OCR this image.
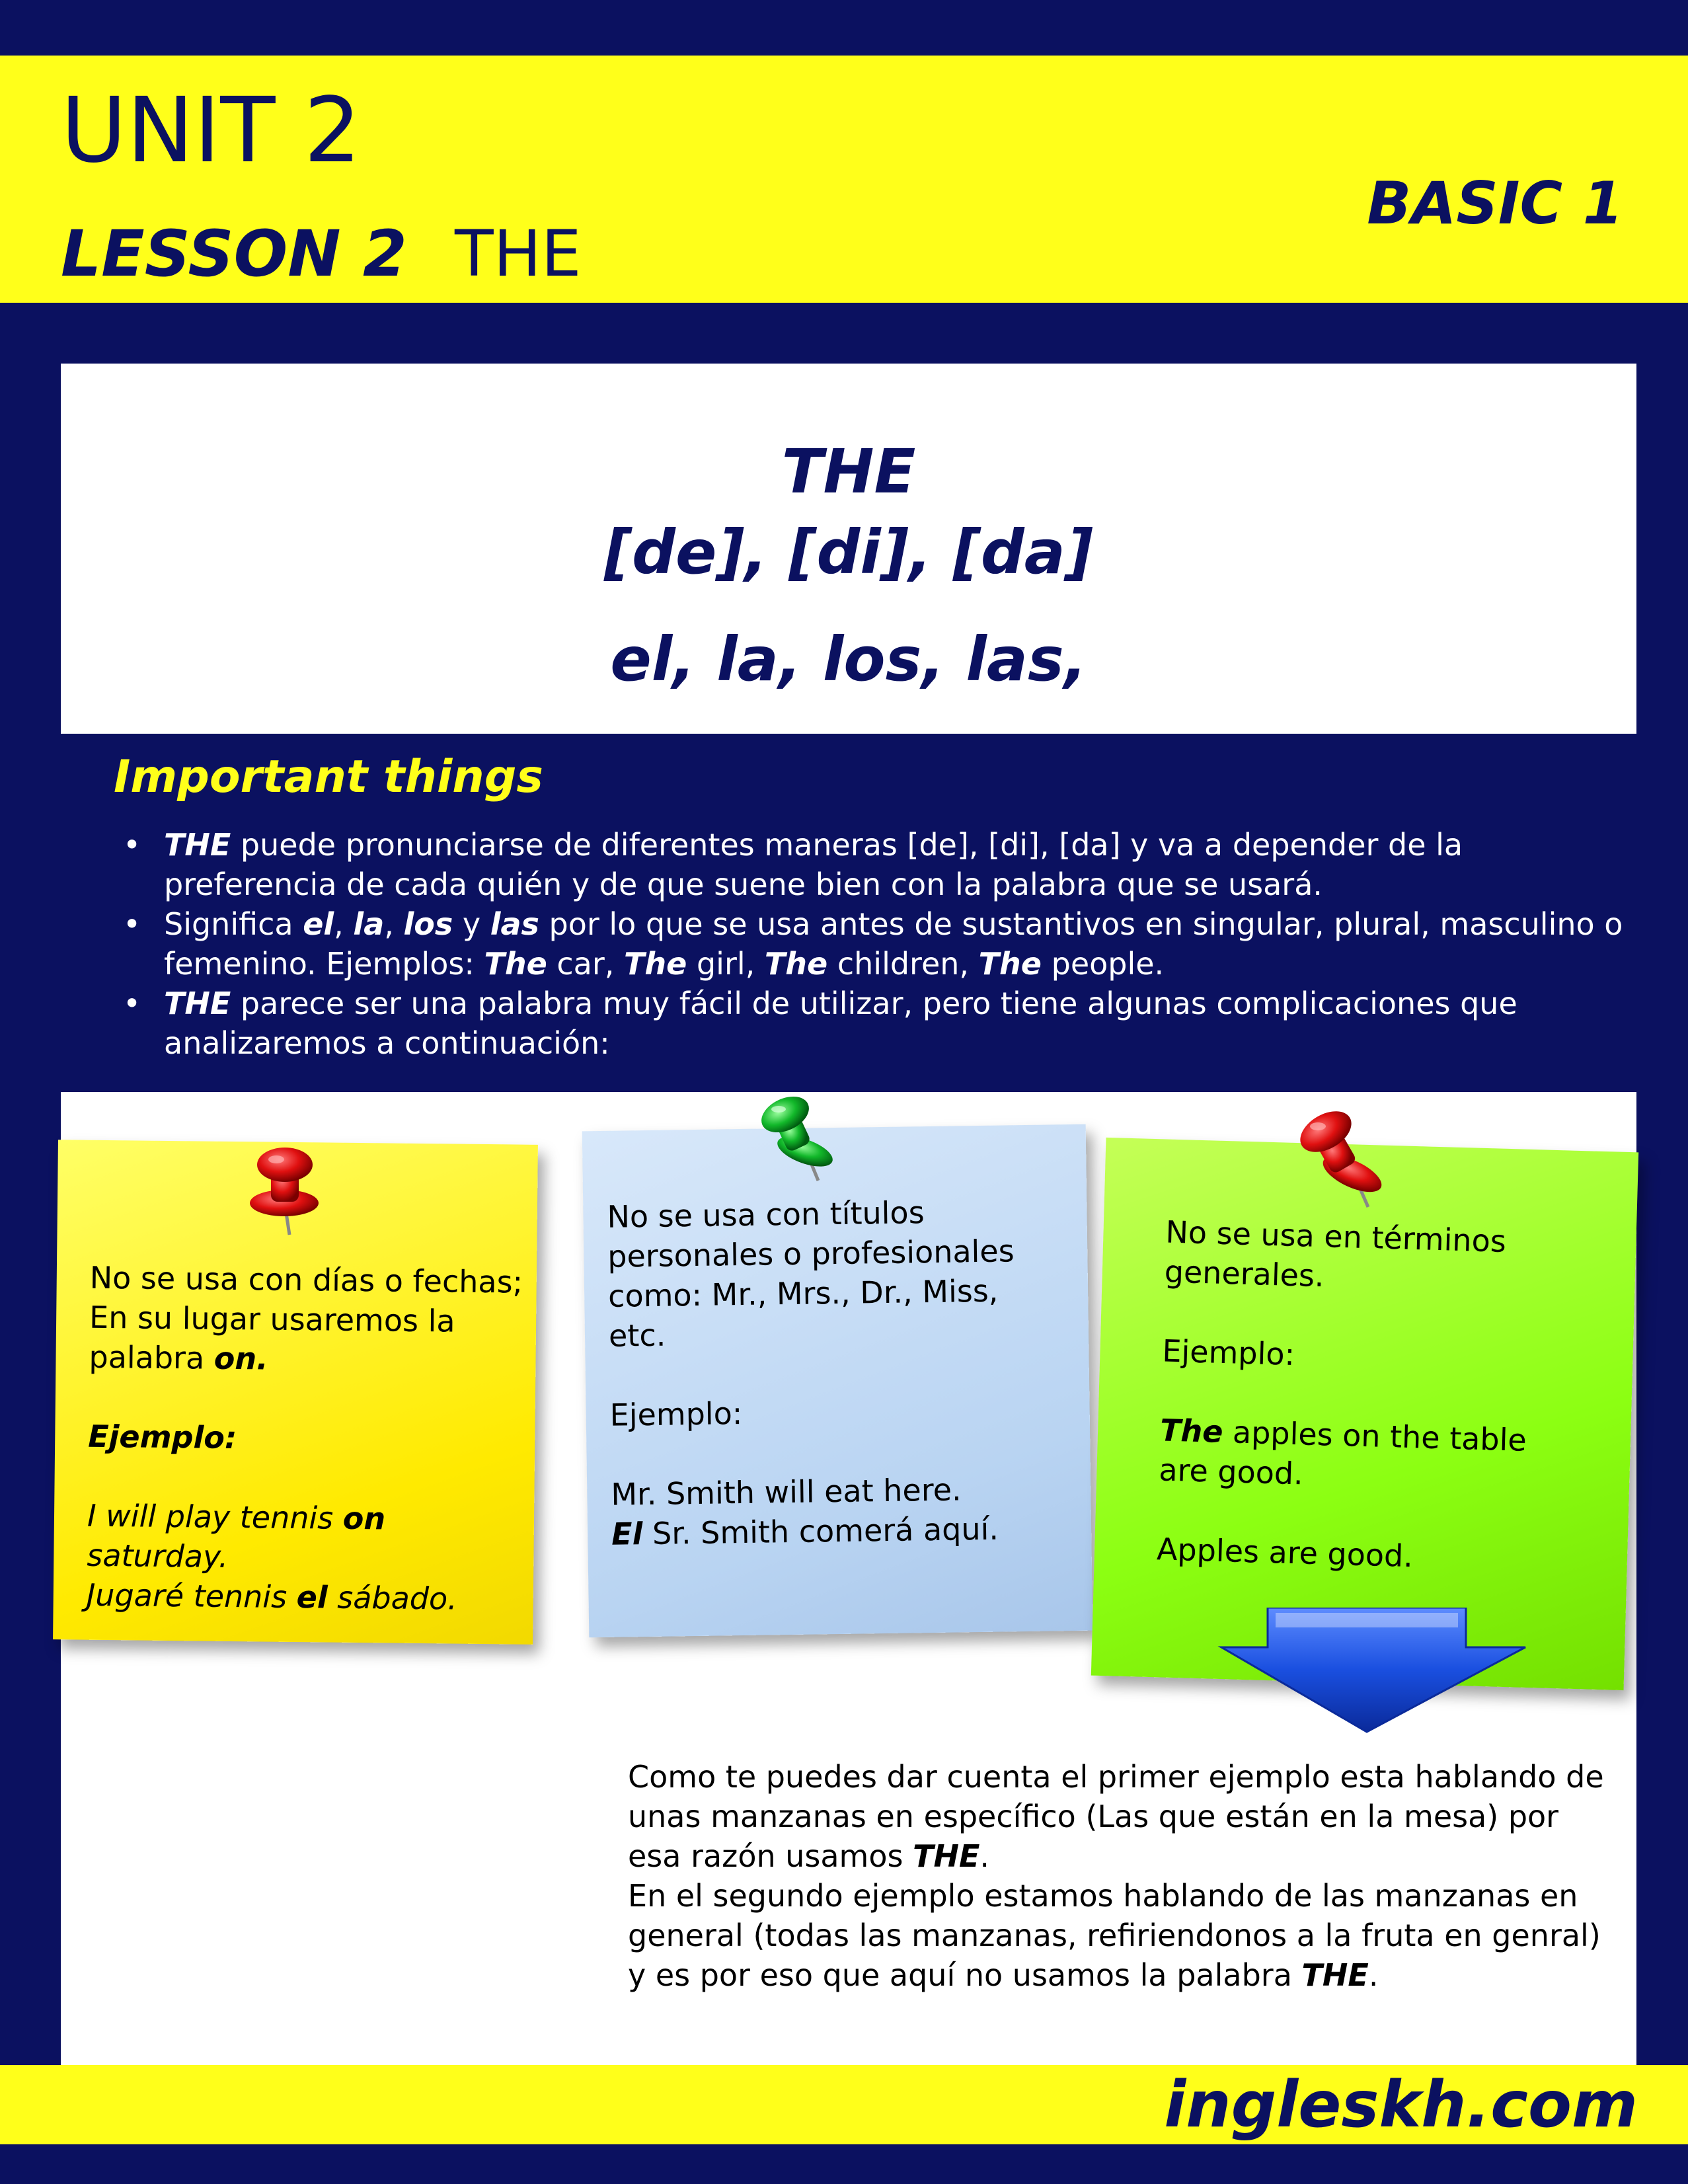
UNIT 2
LESSON 2 THE
BASIC 1
THE
[de], [di], [da]
el, la, los, las,
Important things
• THE puede pronunciarse de diferentes maneras [de], [di], [da] y va a depender de la preferencia de cada quién y de que suene bien con la palabra que se usará.
• Significa el, la, los y las por lo que se usa antes de sustantivos en singular, plural, masculino o femenino. Ejemplos: The car, The girl, The children, The people.
• THE parece ser una palabra muy fácil de utilizar, pero tiene algunas complicaciones que analizaremos a continuación:
No se usa con días o fechas;
En su lugar usaremos la
palabra on.

Ejemplo:

I will play tennis on saturday.
Jugaré tennis el sábado.
No se usa con títulos
personales o profesionales
como: Mr., Mrs., Dr., Miss,
etc.

Ejemplo:

Mr. Smith will eat here.
El Sr. Smith comerá aquí.
No se usa en términos
generales.

Ejemplo:

The apples on the table
are good.

Apples are good.

Como te puedes dar cuenta el primer ejemplo esta hablando de unas manzanas en específico (Las que están en la mesa) por esa razón usamos THE.

En el segundo ejemplo estamos hablando de las manzanas en general (todas las manzanas, refiriendonos a la fruta en genral) y es por eso que aquí no usamos la palabra THE.

ingleskh.com
